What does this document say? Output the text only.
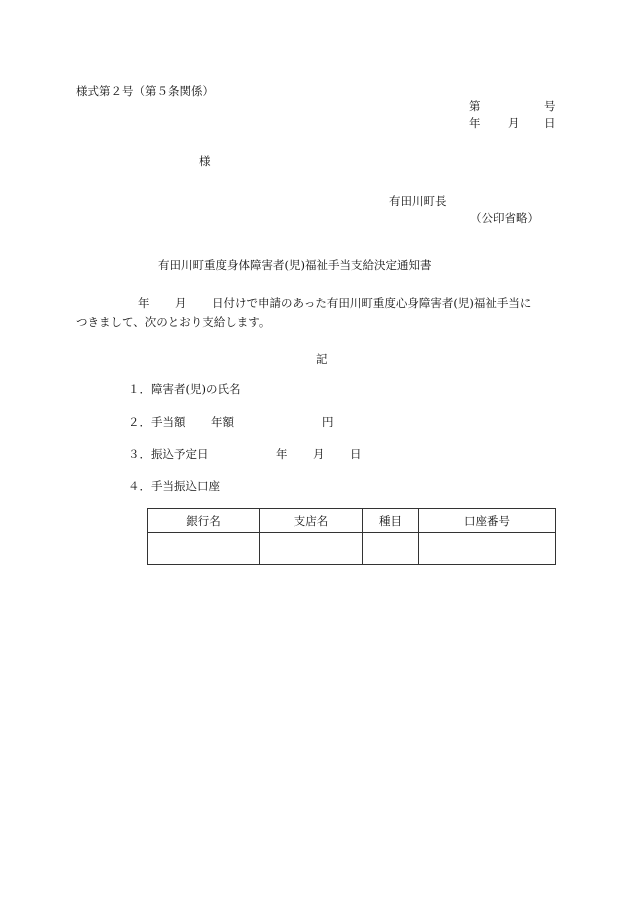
様式第２号（第５条関係）
第	号
年 月 日
様
有田川町長
（公印省略）
有田川町重度身体障害者(児)福祉手当支給決定通知書
年 月 日付けで申請のあった有田川町重度心身障害者(児)福祉手当に
つきまして、次のとおり支給します。
記
１． 障害者(児)の氏名
２． 手当額 年額	円
３． 振込予定日	年 月 日
４． 手当振込口座
銀行名	支店名	種目	口座番号
